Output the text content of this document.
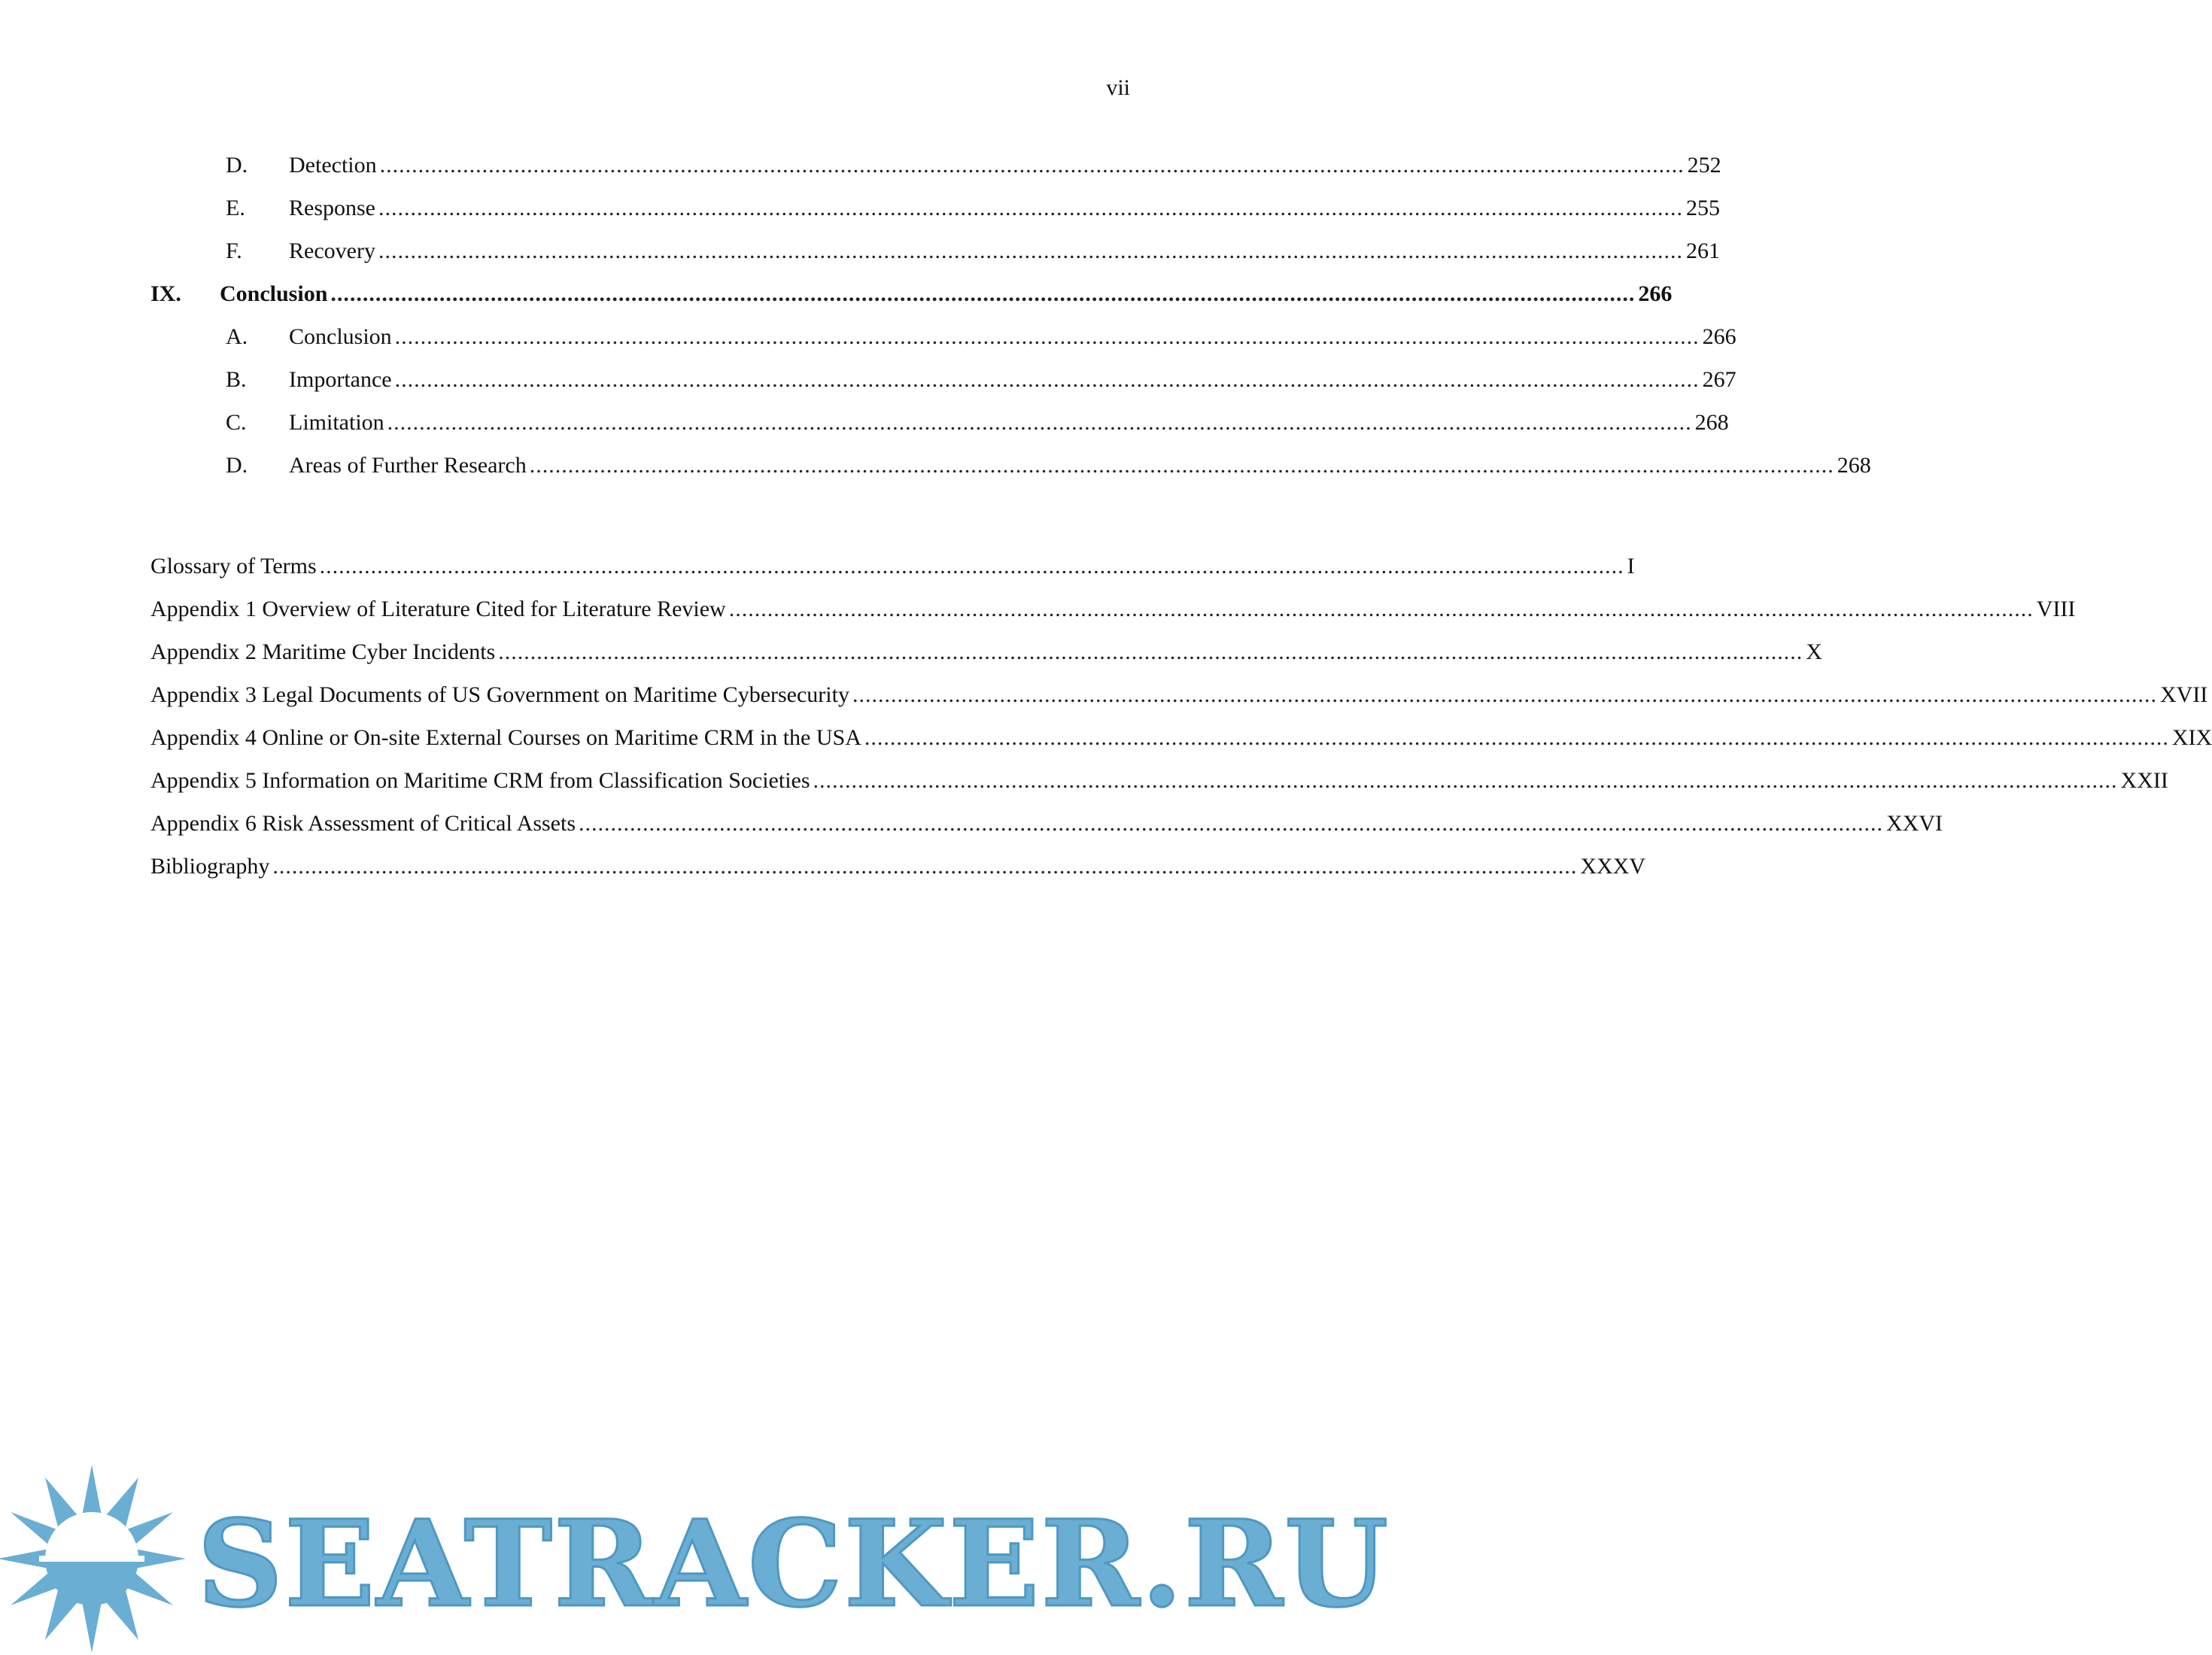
vii
D. Detection ............................................................................................................................................................................................................ 252
E. Response ............................................................................................................................................................................................................ 255
F. Recovery ............................................................................................................................................................................................................ 261
IX. Conclusion ............................................................................................................................................................................................................ 266
A. Conclusion ............................................................................................................................................................................................................ 266
B. Importance ............................................................................................................................................................................................................ 267
C. Limitation ............................................................................................................................................................................................................ 268
D. Areas of Further Research ............................................................................................................................................................................................................ 268
Glossary of Terms ............................................................................................................................................................................................................ I
Appendix 1 Overview of Literature Cited for Literature Review ............................................................................................................................................................................................................ VIII
Appendix 2 Maritime Cyber Incidents ............................................................................................................................................................................................................ X
Appendix 3 Legal Documents of US Government on Maritime Cybersecurity ............................................................................................................................................................................................................ XVII
Appendix 4 Online or On-site External Courses on Maritime CRM in the USA ............................................................................................................................................................................................................ XIX
Appendix 5 Information on Maritime CRM from Classification Societies ............................................................................................................................................................................................................ XXII
Appendix 6 Risk Assessment of Critical Assets ............................................................................................................................................................................................................ XXVI
Bibliography ............................................................................................................................................................................................................ XXXV
SEATRACKER.RU
